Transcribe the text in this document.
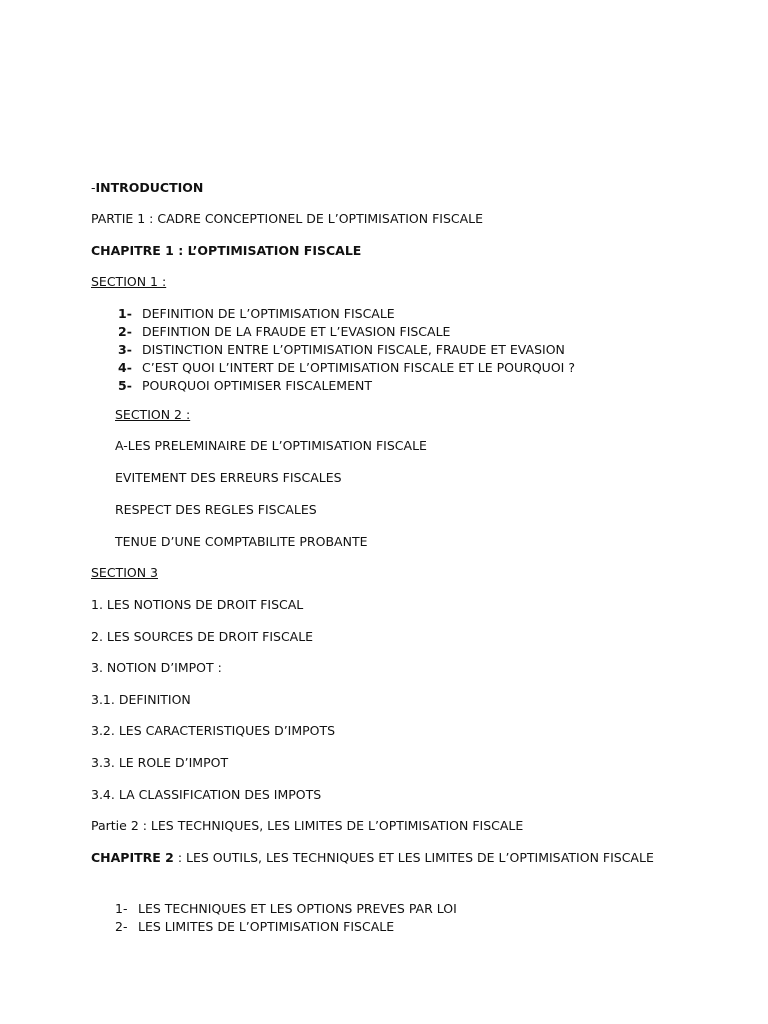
-INTRODUCTION
PARTIE 1 : CADRE CONCEPTIONEL DE L’OPTIMISATION FISCALE
CHAPITRE 1 : L’OPTIMISATION FISCALE
SECTION 1 :
1- DEFINITION DE L’OPTIMISATION FISCALE
2- DEFINTION DE LA FRAUDE ET L’EVASION FISCALE
3- DISTINCTION ENTRE L’OPTIMISATION FISCALE, FRAUDE ET EVASION
4- C’EST QUOI L’INTERT DE L’OPTIMISATION FISCALE ET LE POURQUOI ?
5- POURQUOI OPTIMISER FISCALEMENT
SECTION 2 :
A-LES PRELEMINAIRE DE L’OPTIMISATION FISCALE
EVITEMENT DES ERREURS FISCALES
RESPECT DES REGLES FISCALES
TENUE D’UNE COMPTABILITE PROBANTE
SECTION 3
1. LES NOTIONS DE DROIT FISCAL
2. LES SOURCES DE DROIT FISCALE
3. NOTION D’IMPOT :
3.1. DEFINITION
3.2. LES CARACTERISTIQUES D’IMPOTS
3.3. LE ROLE D’IMPOT
3.4. LA CLASSIFICATION DES IMPOTS
Partie 2 : LES TECHNIQUES, LES LIMITES DE L’OPTIMISATION FISCALE
CHAPITRE 2 : LES OUTILS, LES TECHNIQUES ET LES LIMITES DE L’OPTIMISATION FISCALE
1- LES TECHNIQUES ET LES OPTIONS PREVES PAR LOI
2- LES LIMITES DE L’OPTIMISATION FISCALE
